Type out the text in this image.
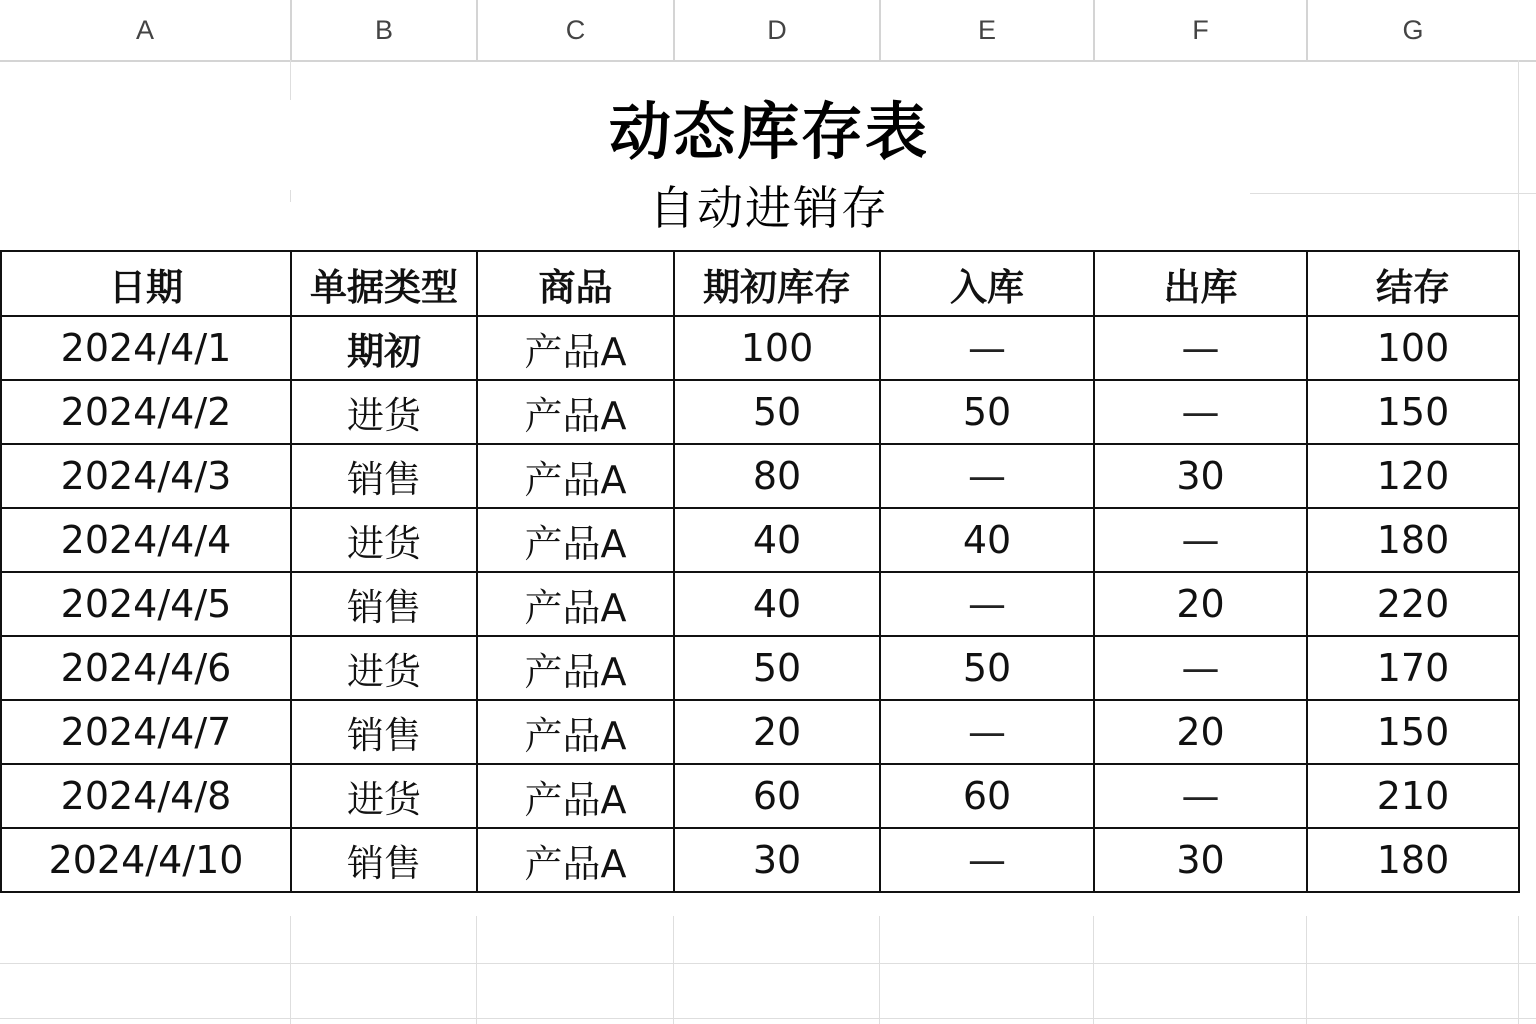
A	B	C	D	E	F	G
动态库存表
自动进销存
日期	单据类型	商品	期初库存	入库	出库	结存
2024/4/1	期初	产品A	100	—	—	100
2024/4/2	进货	产品A	50	50	—	150
2024/4/3	销售	产品A	80	—	30	120
2024/4/4	进货	产品A	40	40	—	180
2024/4/5	销售	产品A	40	—	20	220
2024/4/6	进货	产品A	50	50	—	170
2024/4/7	销售	产品A	20	—	20	150
2024/4/8	进货	产品A	60	60	—	210
2024/4/10	销售	产品A	30	—	30	180
